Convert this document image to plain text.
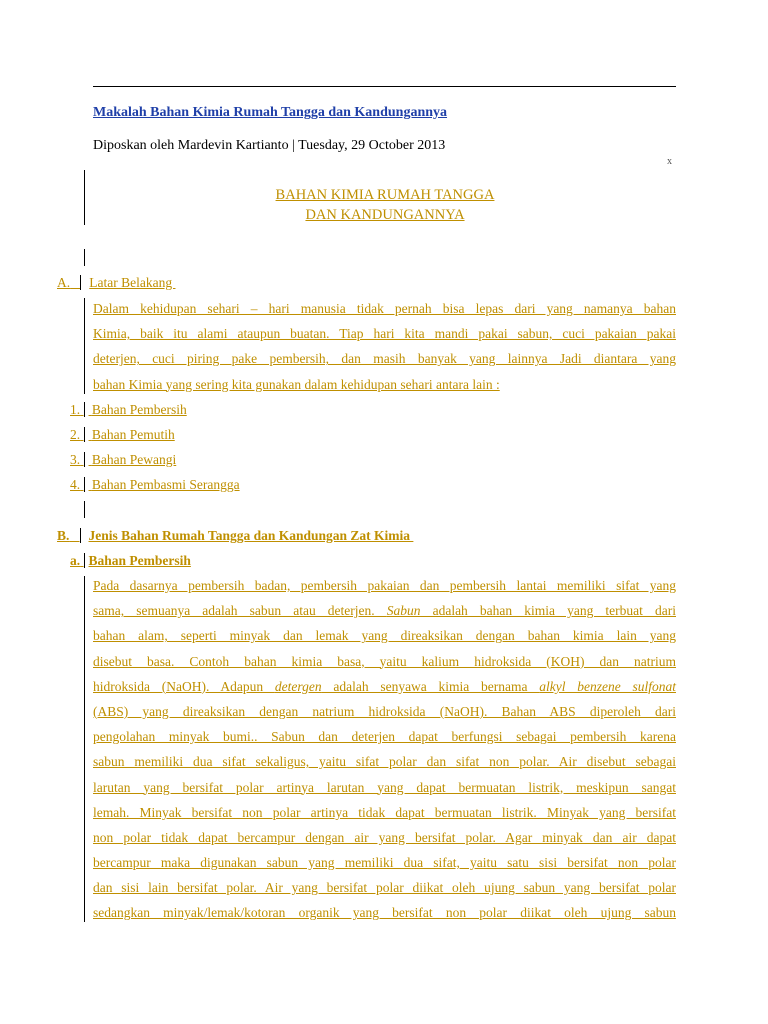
Makalah Bahan Kimia Rumah Tangga dan Kandungannya
Diposkan oleh Mardevin Kartianto | Tuesday, 29 October 2013
x
BAHAN KIMIA RUMAH TANGGA
DAN KANDUNGANNYA
A. Latar Belakang
Dalam kehidupan sehari – hari manusia tidak pernah bisa lepas dari yang namanya bahan
Kimia, baik itu alami ataupun buatan. Tiap hari kita mandi pakai sabun, cuci pakaian pakai
deterjen, cuci piring pake pembersih, dan masih banyak yang lainnya Jadi diantara yang
bahan Kimia yang sering kita gunakan dalam kehidupan sehari antara lain :
1. Bahan Pembersih
2. Bahan Pemutih
3. Bahan Pewangi
4. Bahan Pembasmi Serangga
B. Jenis Bahan Rumah Tangga dan Kandungan Zat Kimia
a. Bahan Pembersih
Pada dasarnya pembersih badan, pembersih pakaian dan pembersih lantai memiliki sifat yang
sama, semuanya adalah sabun atau deterjen. Sabun adalah bahan kimia yang terbuat dari
bahan alam, seperti minyak dan lemak yang direaksikan dengan bahan kimia lain yang
disebut basa. Contoh bahan kimia basa, yaitu kalium hidroksida (KOH) dan natrium
hidroksida (NaOH). Adapun detergen adalah senyawa kimia bernama alkyl benzene sulfonat
(ABS) yang direaksikan dengan natrium hidroksida (NaOH). Bahan ABS diperoleh dari
pengolahan minyak bumi.. Sabun dan deterjen dapat berfungsi sebagai pembersih karena
sabun memiliki dua sifat sekaligus, yaitu sifat polar dan sifat non polar. Air disebut sebagai
larutan yang bersifat polar artinya larutan yang dapat bermuatan listrik, meskipun sangat
lemah. Minyak bersifat non polar artinya tidak dapat bermuatan listrik. Minyak yang bersifat
non polar tidak dapat bercampur dengan air yang bersifat polar. Agar minyak dan air dapat
bercampur maka digunakan sabun yang memiliki dua sifat, yaitu satu sisi bersifat non polar
dan sisi lain bersifat polar. Air yang bersifat polar diikat oleh ujung sabun yang bersifat polar
sedangkan minyak/lemak/kotoran organik yang bersifat non polar diikat oleh ujung sabun
